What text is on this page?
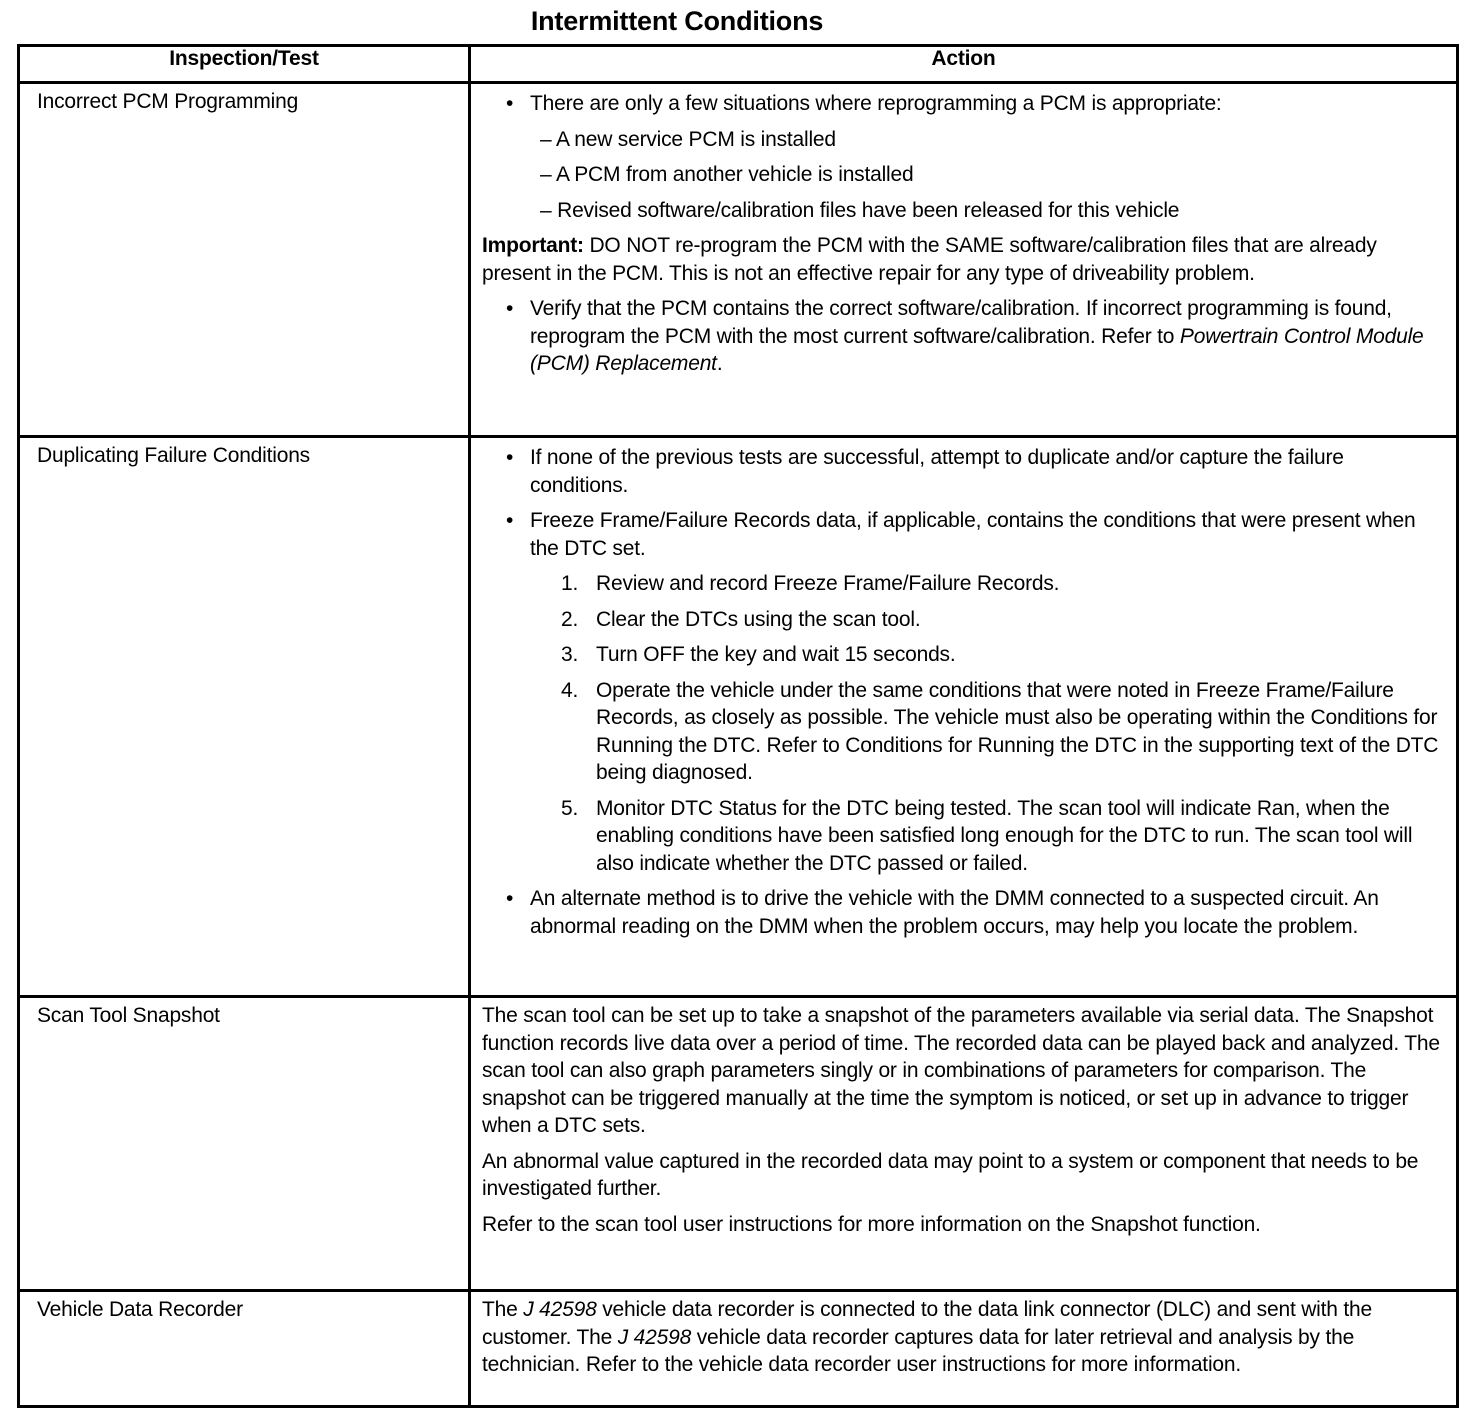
Intermittent Conditions
Inspection/Test	Action
Incorrect PCM Programming	• There are only a few situations where reprogramming a PCM is appropriate:
– A new service PCM is installed
– A PCM from another vehicle is installed
– Revised software/calibration files have been released for this vehicle
Important: DO NOT re-program the PCM with the SAME software/calibration files that are already present in the PCM. This is not an effective repair for any type of driveability problem.
• Verify that the PCM contains the correct software/calibration. If incorrect programming is found, reprogram the PCM with the most current software/calibration. Refer to Powertrain Control Module (PCM) Replacement.

Duplicating Failure Conditions	• If none of the previous tests are successful, attempt to duplicate and/or capture the failure conditions.
• Freeze Frame/Failure Records data, if applicable, contains the conditions that were present when the DTC set.
1. Review and record Freeze Frame/Failure Records.
2. Clear the DTCs using the scan tool.
3. Turn OFF the key and wait 15 seconds.
4. Operate the vehicle under the same conditions that were noted in Freeze Frame/Failure Records, as closely as possible. The vehicle must also be operating within the Conditions for Running the DTC. Refer to Conditions for Running the DTC in the supporting text of the DTC being diagnosed.
5. Monitor DTC Status for the DTC being tested. The scan tool will indicate Ran, when the enabling conditions have been satisfied long enough for the DTC to run. The scan tool will also indicate whether the DTC passed or failed.
• An alternate method is to drive the vehicle with the DMM connected to a suspected circuit. An abnormal reading on the DMM when the problem occurs, may help you locate the problem.

Scan Tool Snapshot	The scan tool can be set up to take a snapshot of the parameters available via serial data. The Snapshot function records live data over a period of time. The recorded data can be played back and analyzed. The scan tool can also graph parameters singly or in combinations of parameters for comparison. The snapshot can be triggered manually at the time the symptom is noticed, or set up in advance to trigger when a DTC sets.
An abnormal value captured in the recorded data may point to a system or component that needs to be investigated further.
Refer to the scan tool user instructions for more information on the Snapshot function.

Vehicle Data Recorder	The J 42598 vehicle data recorder is connected to the data link connector (DLC) and sent with the customer. The J 42598 vehicle data recorder captures data for later retrieval and analysis by the technician. Refer to the vehicle data recorder user instructions for more information.
